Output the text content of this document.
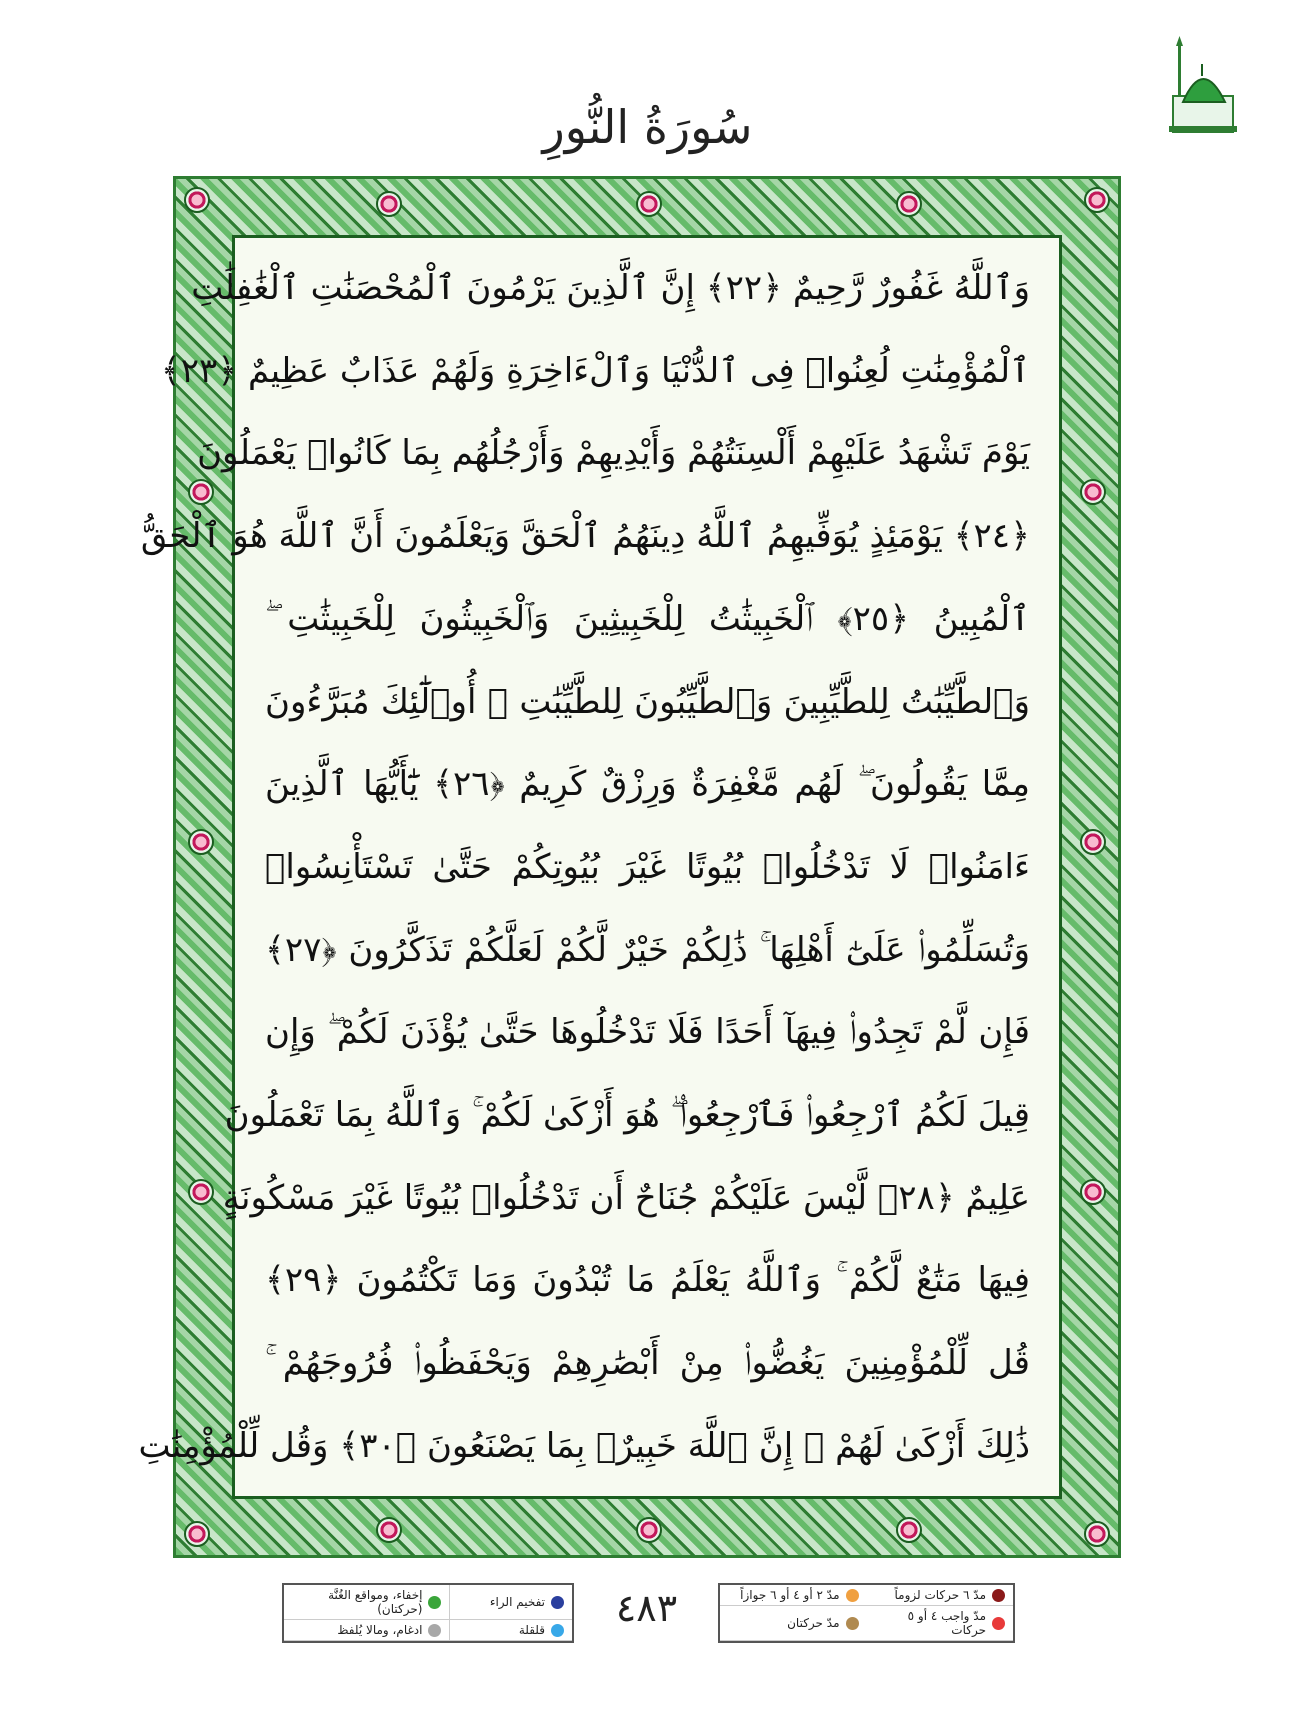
سُورَةُ النُّورِ
وَٱللَّهُ غَفُورٌ رَّحِيمٌ ﴿٢٢﴾ إِنَّ ٱلَّذِينَ يَرْمُونَ ٱلْمُحْصَنَٰتِ ٱلْغَٰفِلَٰتِ
ٱلْمُؤْمِنَٰتِ لُعِنُوا۟ فِى ٱلدُّنْيَا وَٱلْءَاخِرَةِ وَلَهُمْ عَذَابٌ عَظِيمٌ ﴿٢٣﴾
يَوْمَ تَشْهَدُ عَلَيْهِمْ أَلْسِنَتُهُمْ وَأَيْدِيهِمْ وَأَرْجُلُهُم بِمَا كَانُوا۟ يَعْمَلُونَ
﴿٢٤﴾ يَوْمَئِذٍ يُوَفِّيهِمُ ٱللَّهُ دِينَهُمُ ٱلْحَقَّ وَيَعْلَمُونَ أَنَّ ٱللَّهَ هُوَ ٱلْحَقُّ
ٱلْمُبِينُ ﴿٢٥﴾ ٱلْخَبِيثَٰتُ لِلْخَبِيثِينَ وَٱلْخَبِيثُونَ لِلْخَبِيثَٰتِ ۖ
وَٱلطَّيِّبَٰتُ لِلطَّيِّبِينَ وَٱلطَّيِّبُونَ لِلطَّيِّبَٰتِ ۚ أُو۟لَٰٓئِكَ مُبَرَّءُونَ
مِمَّا يَقُولُونَ ۖ لَهُم مَّغْفِرَةٌ وَرِزْقٌ كَرِيمٌ ﴿٢٦﴾ يَٰٓأَيُّهَا ٱلَّذِينَ
ءَامَنُوا۟ لَا تَدْخُلُوا۟ بُيُوتًا غَيْرَ بُيُوتِكُمْ حَتَّىٰ تَسْتَأْنِسُوا۟
وَتُسَلِّمُوا۟ عَلَىٰٓ أَهْلِهَا ۚ ذَٰلِكُمْ خَيْرٌ لَّكُمْ لَعَلَّكُمْ تَذَكَّرُونَ ﴿٢٧﴾
فَإِن لَّمْ تَجِدُوا۟ فِيهَآ أَحَدًا فَلَا تَدْخُلُوهَا حَتَّىٰ يُؤْذَنَ لَكُمْ ۖ وَإِن
قِيلَ لَكُمُ ٱرْجِعُوا۟ فَٱرْجِعُوا۟ ۖ هُوَ أَزْكَىٰ لَكُمْ ۚ وَٱللَّهُ بِمَا تَعْمَلُونَ
عَلِيمٌ ﴿٢٨﴾ لَّيْسَ عَلَيْكُمْ جُنَاحٌ أَن تَدْخُلُوا۟ بُيُوتًا غَيْرَ مَسْكُونَةٍ
فِيهَا مَتَٰعٌ لَّكُمْ ۚ وَٱللَّهُ يَعْلَمُ مَا تُبْدُونَ وَمَا تَكْتُمُونَ ﴿٢٩﴾
قُل لِّلْمُؤْمِنِينَ يَغُضُّوا۟ مِنْ أَبْصَٰرِهِمْ وَيَحْفَظُوا۟ فُرُوجَهُمْ ۚ
ذَٰلِكَ أَزْكَىٰ لَهُمْ ۗ إِنَّ ٱللَّهَ خَبِيرٌۢ بِمَا يَصْنَعُونَ ﴿٣٠﴾ وَقُل لِّلْمُؤْمِنَٰتِ
تفخيم الراء
إخفاء، ومواقع الغُنَّة (حركتان)
قلقلة
ادغام، ومالا يُلفظ	٤٨٣	مدّ ٦ حركات لزوماً
مدّ ٢ أو ٤ أو ٦ جوازاً
مدّ واجب ٤ أو ٥ حركات
مدّ حركتان
